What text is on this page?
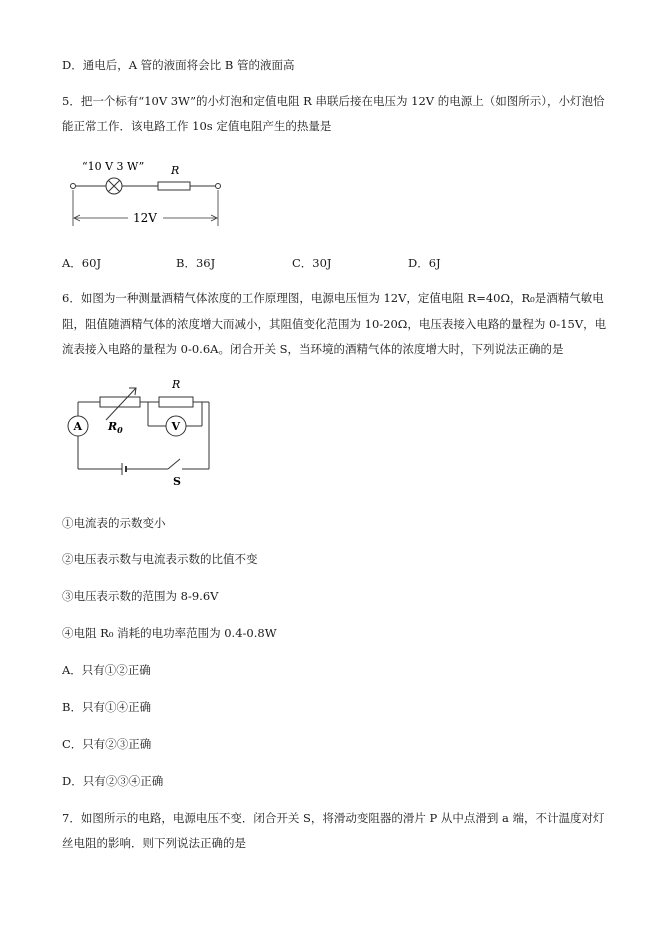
D．通电后，A 管的液面将会比 B 管的液面高
5．把一个标有“10V 3W”的小灯泡和定值电阻 R 串联后接在电压为 12V 的电源上（如图所示），小灯泡恰
能正常工作．该电路工作 10s 定值电阻产生的热量是
“10 V 3 W” R
12V
A．60J	B．36J	C．30J	D．6J
6．如图为一种测量酒精气体浓度的工作原理图，电源电压恒为 12V，定值电阻 R=40Ω，R₀是酒精气敏电
阻，阻值随酒精气体的浓度增大而减小，其阻值变化范围为 10-20Ω，电压表接入电路的量程为 0-15V，电
流表接入电路的量程为 0-0.6A。闭合开关 S，当环境的酒精气体的浓度增大时，下列说法正确的是
$R_0$
A
S
R
V
①电流表的示数变小
②电压表示数与电流表示数的比值不变
③电压表示数的范围为 8-9.6V
④电阻 R₀ 消耗的电功率范围为 0.4-0.8W
A．只有①②正确
B．只有①④正确
C．只有②③正确
D．只有②③④正确
7．如图所示的电路，电源电压不变．闭合开关 S，将滑动变阻器的滑片 P 从中点滑到 a 端，不计温度对灯
丝电阻的影响．则下列说法正确的是
